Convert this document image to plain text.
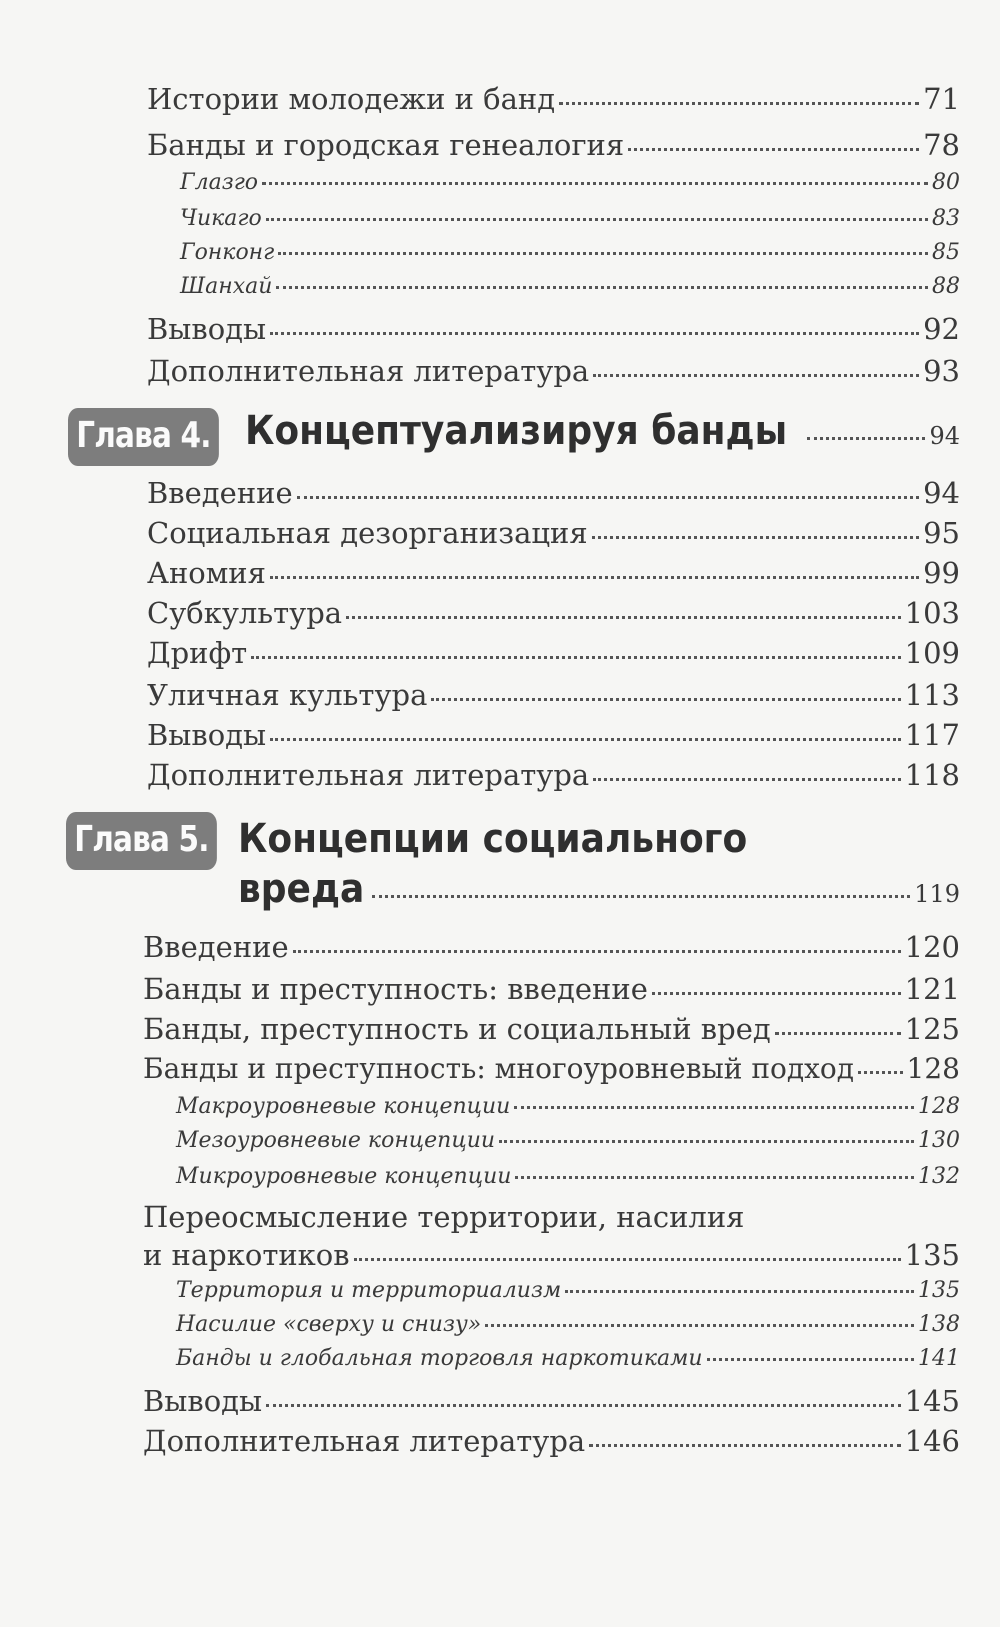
Истории молодежи и банд	71
Банды и городская генеалогия	78
Глазго	80
Чикаго	83
Гонконг	85
Шанхай	88
Выводы	92
Дополнительная литература	93
Глава 4. Концептуализируя банды	94
Введение	94
Социальная дезорганизация	95
Аномия	99
Субкультура	103
Дрифт	109
Уличная культура	113
Выводы	117
Дополнительная литература	118
Глава 5. Концепции социального
вреда	119
Введение	120
Банды и преступность: введение	121
Банды, преступность и социальный вред	125
Банды и преступность: многоуровневый подход 128
Макроуровневые концепции	128
Мезоуровневые концепции	130
Микроуровневые концепции	132
Переосмысление территории, насилия
и наркотиков	135
Территория и территориализм	135
Насилие «сверху и снизу»	138
Банды и глобальная торговля наркотиками	141
Выводы	145
Дополнительная литература	146
